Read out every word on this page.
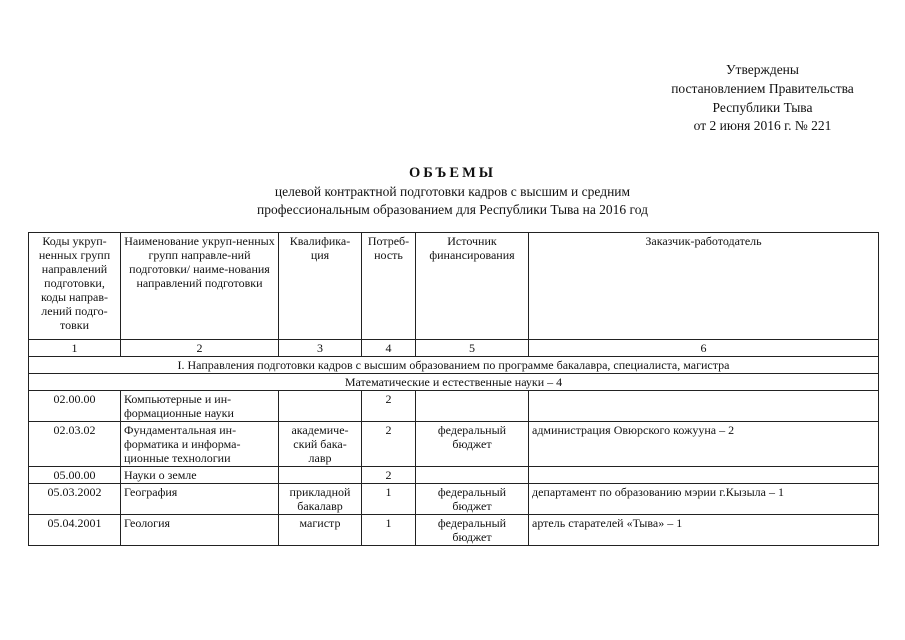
Утверждены
постановлением Правительства
Республики Тыва
от 2 июня 2016 г. № 221
ОБЪЕМЫ
целевой контрактной подготовки кадров с высшим и средним
профессиональным образованием для Республики Тыва на 2016 год
Коды укруп-ненных групп направлений подготовки, коды направ-лений подго-товки	Наименование укруп-ненных групп направле-ний подготовки/ наиме-нования направлений подготовки	Квалифика-ция	Потреб-ность	Источник финансирования	Заказчик-работодатель
1	2	3	4	5	6
I. Направления подготовки кадров с высшим образованием по программе бакалавра, специалиста, магистра					
Математические и естественные науки – 4					
02.00.00	Компьютерные и ин-формационные науки		2		
02.03.02	Фундаментальная ин-форматика и информа-ционные технологии	академиче-ский бака-лавр	2	федеральный бюджет	администрация Овюрского кожууна – 2
05.00.00	Науки о земле		2		
05.03.2002	География	прикладной бакалавр	1	федеральный бюджет	департамент по образованию мэрии г.Кызыла – 1
05.04.2001	Геология	магистр	1	федеральный бюджет	артель старателей «Тыва» – 1
